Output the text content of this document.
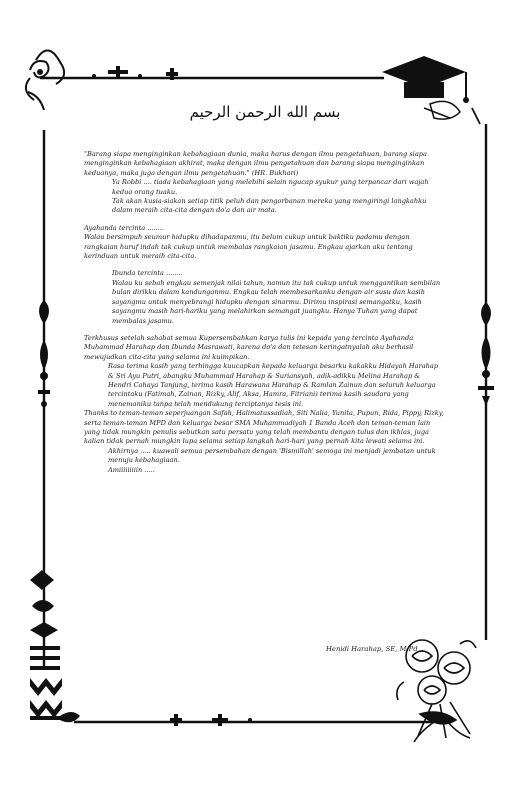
بسم الله الرحمن الرحيم

"Barang siapa menginginkan kebahagiaan dunia, maka harus dengan ilmu pengetahuan, barang siapa menginginkan kebahagiaan akhirat, maka dengan ilmu pengetahuan dan barang siapa menginginkan keduanya, maka juga dengan ilmu pengetahuan." (HR. Bukhari)

Ya Robbi .... tiada kebahagiaan yang melebihi selain ngucap syukur yang terpancar dari wajah kedua orang tuaku.

Tak akan kusia-siakan setiap titik peluh dan pengorbanan mereka yang mengiringi langkahku dalam meraih cita-cita dengan do'a dan air mata.

Ayahanda tercinta ........

Walau bersimpuh seumur hidupku dihadapanmu, itu belum cukup untuk baktiku padamu dengan rangkaian huruf indah tak cukup untuk membalas rangkaian jasamu. Engkau ajarkan aku tentang kerinduan untuk meraih cita-cita.

Ibunda tercinta ........

Walau ku sebah engkau semenjak nilai tahun, namun itu tak cukup untuk menggantikan sembilan bulan dirikku dalam kandunganmu. Engkau telah membesarkanku dengan air susu dan kasih sayangmu untuk menyebrangi hidupku dengan sinarmu. Dirimu inspirasi semangatku, kasih sayangmu masih hari-hariku yang melahirkan semangat juangku. Hanya Tuhan yang dapat membalas jasamu.

Terkhusus setelah sahabat semua Kupersembahkan karya tulis ini kepada yang tercinta Ayahanda Muhammad Harahap dan Ibunda Masrawati, karena do'a dan tetesan keringatnyalah aku berhasil mewujudkan cita-cita yang selama ini kuimpikan.

Rasa terima kasih yang terhingga kuucapkan kepada keluarga besarku kakakku Hidayah Harahap & Sri Ayu Putri, abangku Muhammad Harahap & Suriansyah, adik-adikku Melina Harahap & Hendri Cahaya Tanjung, terima kasih Harawana Harahap & Ramlan Zainun dan seluruh keluarga tercintaku (Fatimah, Zainan, Rizky, Alif, Aksa, Hamra, Fitriani) terima kasih saudara yang menemaniku tanpa telah mendukung terciptanya tesis ini.

Thanks to teman-teman seperjuangan Safah, Halimatussadiah, Siti Nalia, Yunita, Pupun, Rida, Pippy, Rizky, serta teman-teman MPD dan keluarga besar SMA Muhammadiyah 1 Banda Aceh dan teman-teman lain yang tidak mungkin penulis sebutkan satu persatu yang telah membantu dengan tulus dan ikhlas, juga kalian tidak pernah mungkin lupa selama setiap langkah hari-hari yang pernah kita lewati selama ini.

Akhirnya ..... kuawali semua persembahan dengan 'Bismillah' semoga ini menjadi jembatan untuk menuju kebahagiaan.

Amiiiiiiiiin .....

Henidi Harahap, SE, M.Pd
